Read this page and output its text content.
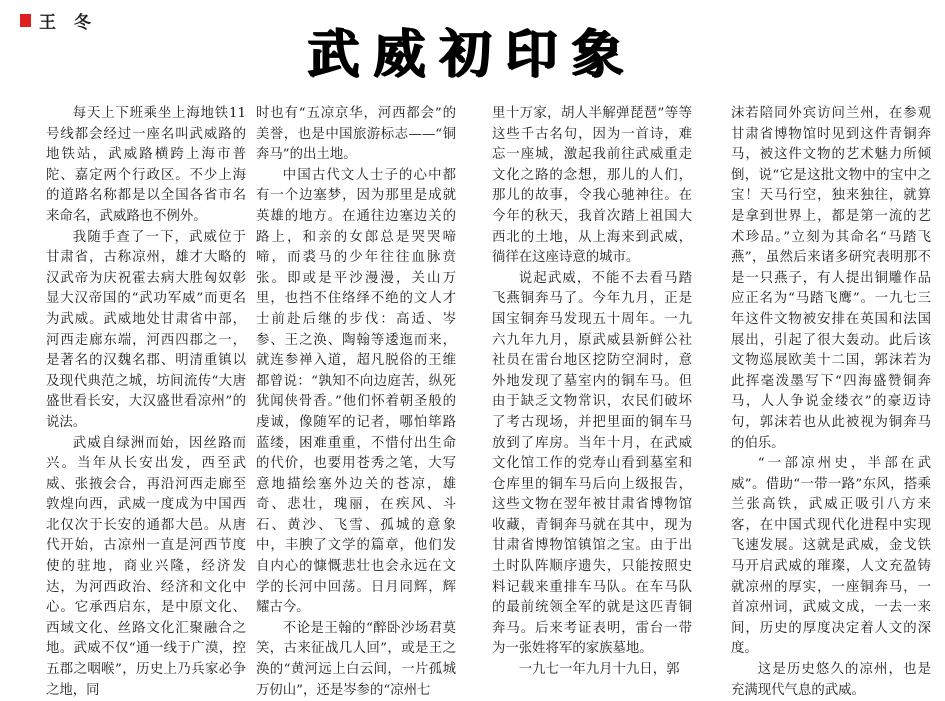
王 冬
武威初印象

每天上下班乘坐上海地铁11号线都会经过一座名叫武威路的地铁站，武威路横跨上海市普陀、嘉定两个行政区。不少上海的道路名称都是以全国各省市名来命名，武威路也不例外。

我随手查了一下，武威位于甘肃省，古称凉州，雄才大略的汉武帝为庆祝霍去病大胜匈奴彰显大汉帝国的“武功军威”而更名为武威。武威地处甘肃省中部，河西走廊东端，河西四郡之一，是著名的汉魏名郡、明清重镇以及现代典范之城，坊间流传“大唐盛世看长安，大汉盛世看凉州”的说法。

武威自绿洲而始，因丝路而兴。当年从长安出发，西至武威、张掖会合，再沿河西走廊至敦煌向西，武威一度成为中国西北仅次于长安的通都大邑。从唐代开始，古凉州一直是河西节度使的驻地，商业兴隆，经济发达，为河西政治、经济和文化中心。它承西启东，是中原文化、西域文化、丝路文化汇聚融合之地。武威不仅“通一线于广漠，控五郡之咽喉”，历史上乃兵家必争之地，同

时也有“五凉京华，河西都会”的美誉，也是中国旅游标志——“铜奔马”的出土地。

中国古代文人士子的心中都有一个边塞梦，因为那里是成就英雄的地方。在通往边塞边关的路上，和亲的女郎总是哭哭啼啼，而裘马的少年往往血脉贲张。即或是平沙漫漫，关山万里，也挡不住络绎不绝的文人才士前赴后继的步伐：高适、岑参、王之涣、陶翰等逶迤而来，就连参禅入道，超凡脱俗的王维都曾说：“孰知不向边庭苦，纵死犹闻侠骨香。”他们怀着朝圣般的虔诚，像随军的记者，哪怕筚路蓝缕，困难重重，不惜付出生命的代价，也要用苍秀之笔，大写意地描绘塞外边关的苍凉，雄奇、悲壮，瑰丽，在疾风、斗石、黄沙、飞雪、孤城的意象中，丰腴了文学的篇章，他们发自内心的慷慨悲壮也会永远在文学的长河中回荡。日月同辉，辉耀古今。

不论是王翰的“醉卧沙场君莫笑，古来征战几人回”，或是王之涣的“黄河远上白云间，一片孤城万仞山”，还是岑参的“凉州七

里十万家，胡人半解弹琵琶”等等这些千古名句，因为一首诗，难忘一座城，激起我前往武威重走文化之路的念想，那儿的人们，那儿的故事，令我心驰神往。在今年的秋天，我首次踏上祖国大西北的土地，从上海来到武威，徜徉在这座诗意的城市。

说起武威，不能不去看马踏飞燕铜奔马了。今年九月，正是国宝铜奔马发现五十周年。一九六九年九月，原武威县新鲜公社社员在雷台地区挖防空洞时，意外地发现了墓室内的铜车马。但由于缺乏文物常识，农民们破坏了考古现场，并把里面的铜车马放到了库房。当年十月，在武威文化馆工作的党寿山看到墓室和仓库里的铜车马后向上级报告，这些文物在翌年被甘肃省博物馆收藏，青铜奔马就在其中，现为甘肃省博物馆镇馆之宝。由于出土时队阵顺序遗失，只能按照史料记载来重排车马队。在车马队的最前统领全军的就是这匹青铜奔马。后来考证表明，雷台一带为一张姓将军的家族墓地。

一九七一年九月十九日，郭

沫若陪同外宾访问兰州，在参观甘肃省博物馆时见到这件青铜奔马，被这件文物的艺术魅力所倾倒，说“它是这批文物中的宝中之宝！天马行空，独来独往，就算是拿到世界上，都是第一流的艺术珍品。”立刻为其命名“马踏飞燕”，虽然后来诸多研究表明那不是一只燕子，有人提出铜雕作品应正名为“马踏飞鹰”。一九七三年这件文物被安排在英国和法国展出，引起了很大轰动。此后该文物巡展欧美十二国，郭沫若为此挥毫泼墨写下“四海盛赞铜奔马，人人争说金缕衣”的豪迈诗句，郭沫若也从此被视为铜奔马的伯乐。

“一部凉州史，半部在武威”。借助“一带一路”东风，搭乘兰张高铁，武威正吸引八方来客，在中国式现代化进程中实现飞速发展。这就是武威，金戈铁马开启武威的璀璨，人文充盈铸就凉州的厚实，一座铜奔马，一首凉州词，武威文成，一去一来间，历史的厚度决定着人文的深度。

这是历史悠久的凉州，也是充满现代气息的武威。
